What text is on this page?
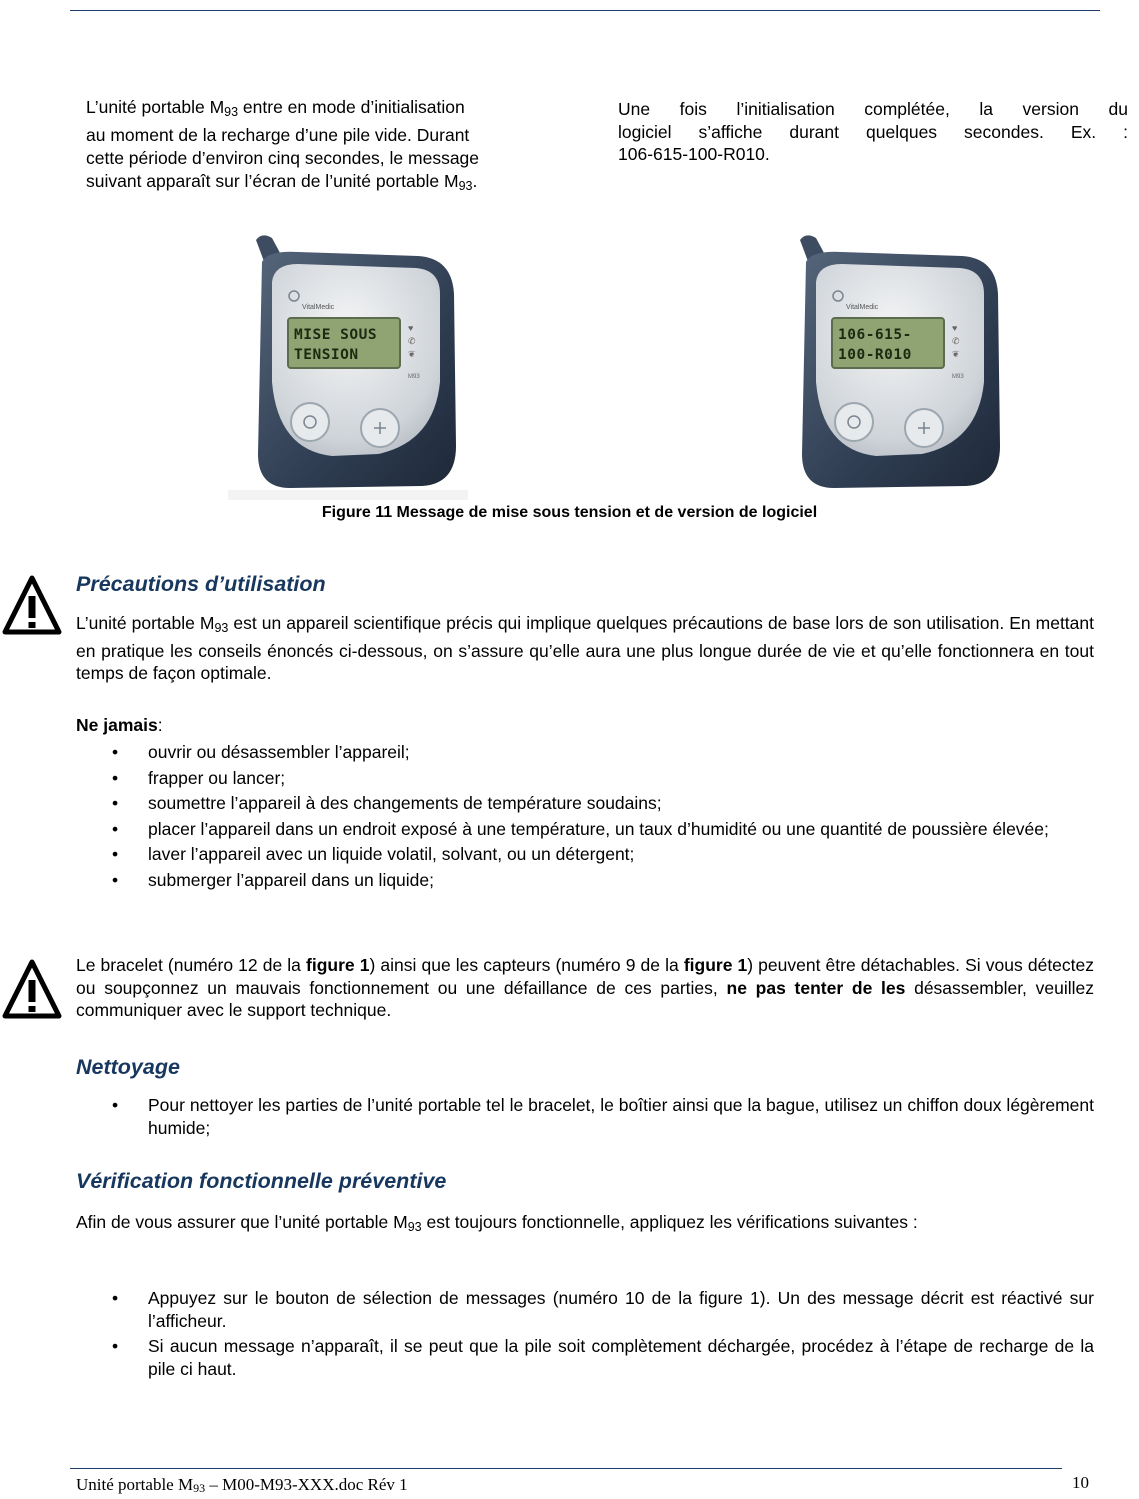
L’unité portable $M_{93}$ entre en mode d’initialisation
au moment de la recharge d’une pile vide. Durant
cette période d’environ cinq secondes, le message
suivant apparaît sur l’écran de l’unité portable $M_{93}$.
Une fois l’initialisation complétée, la version du
logiciel s’affiche durant quelques secondes. Ex. :
106-615-100-R010.
VitalMedic
MISE SOUS
TENSION
♥
✆
❦
M93
VitalMedic
106-615-
100-R010
♥
✆
❦
M93
Figure 11 Message de mise sous tension et de version de logiciel
Précautions d’utilisation
L’unité portable $M_{93}$ est un appareil scientifique précis qui implique quelques précautions de base lors de son utilisation. En mettant en pratique les conseils énoncés ci-dessous, on s’assure qu’elle aura une plus longue durée de vie et qu’elle fonctionnera en tout temps de façon optimale.
Ne jamais:
• ouvrir ou désassembler l’appareil;
• frapper ou lancer;
• soumettre l’appareil à des changements de température soudains;
• placer l’appareil dans un endroit exposé à une température, un taux d’humidité ou une quantité de poussière élevée;
• laver l’appareil avec un liquide volatil, solvant, ou un détergent;
• submerger l’appareil dans un liquide;
Le bracelet (numéro 12 de la figure 1) ainsi que les capteurs (numéro 9 de la figure 1) peuvent être détachables. Si vous détectez ou soupçonnez un mauvais fonctionnement ou une défaillance de ces parties, ne pas tenter de les désassembler, veuillez communiquer avec le support technique.
Nettoyage
• Pour nettoyer les parties de l’unité portable tel le bracelet, le boîtier ainsi que la bague, utilisez un chiffon doux légèrement humide;
Vérification fonctionnelle préventive
Afin de vous assurer que l’unité portable $M_{93}$ est toujours fonctionnelle, appliquez les vérifications suivantes :
• Appuyez sur le bouton de sélection de messages (numéro 10 de la figure 1). Un des message décrit est réactivé sur l’afficheur.
• Si aucun message n’apparaît, il se peut que la pile soit complètement déchargée, procédez à l’étape de recharge de la pile ci haut.
Unité portable M93 – M00-M93-XXX.doc Rév 1	10
